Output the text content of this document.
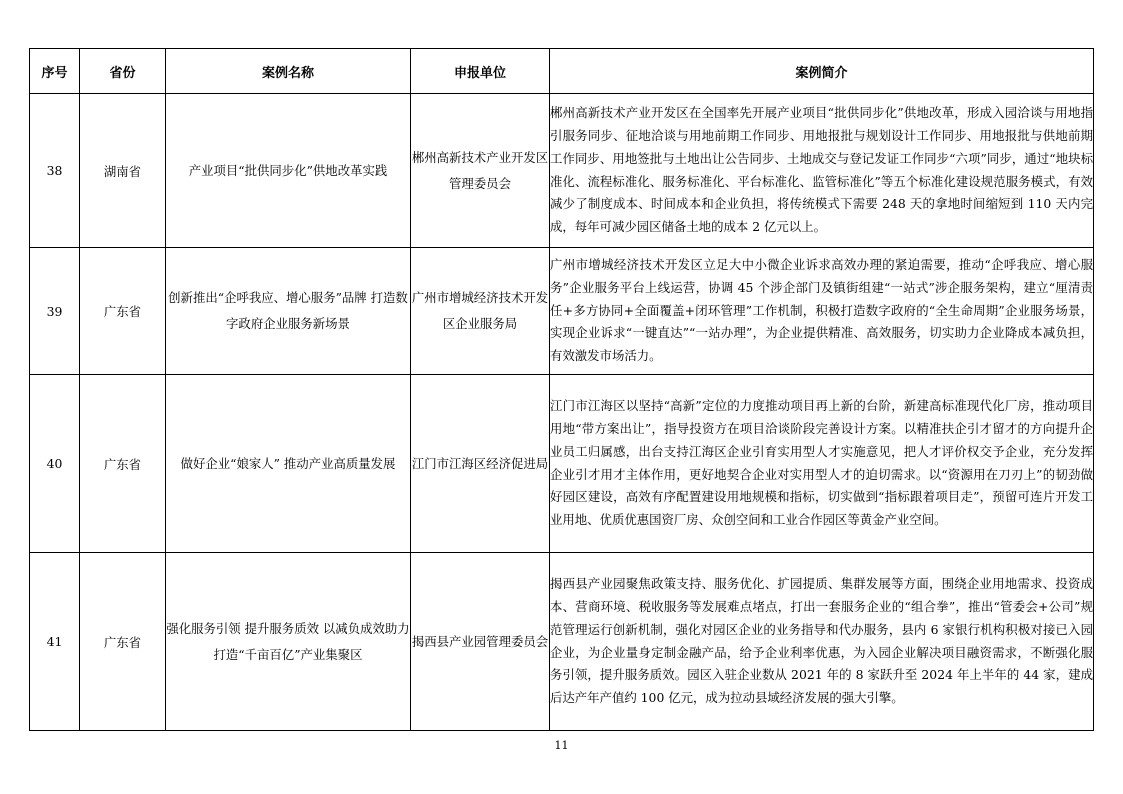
序号	省份	案例名称	申报单位	案例简介
38	湖南省	产业项目“批供同步化”供地改革实践	郴州高新技术产业开发区管理委员会	郴州高新技术产业开发区在全国率先开展产业项目“批供同步化”供地改革，形成入园洽谈与用地指引服务同步、征地洽谈与用地前期工作同步、用地报批与规划设计工作同步、用地报批与供地前期工作同步、用地签批与土地出让公告同步、土地成交与登记发证工作同步“六项”同步，通过“地块标准化、流程标准化、服务标准化、平台标准化、监管标准化”等五个标准化建设规范服务模式，有效减少了制度成本、时间成本和企业负担，将传统模式下需要 248 天的拿地时间缩短到 110 天内完成，每年可减少园区储备土地的成本 2 亿元以上。
39	广东省	创新推出“企呼我应、增心服务”品牌 打造数字政府企业服务新场景	广州市增城经济技术开发区企业服务局	广州市增城经济技术开发区立足大中小微企业诉求高效办理的紧迫需要，推动“企呼我应、增心服务”企业服务平台上线运营，协调 45 个涉企部门及镇街组建“一站式”涉企服务架构，建立“厘清责任+多方协同+全面覆盖+闭环管理”工作机制，积极打造数字政府的“全生命周期”企业服务场景，实现企业诉求“一键直达”“一站办理”，为企业提供精准、高效服务，切实助力企业降成本减负担，有效激发市场活力。
40	广东省	做好企业“娘家人” 推动产业高质量发展	江门市江海区经济促进局	江门市江海区以坚持“高新”定位的力度推动项目再上新的台阶，新建高标准现代化厂房，推动项目用地“带方案出让”，指导投资方在项目洽谈阶段完善设计方案。以精准扶企引才留才的方向提升企业员工归属感，出台支持江海区企业引育实用型人才实施意见，把人才评价权交予企业，充分发挥企业引才用才主体作用，更好地契合企业对实用型人才的迫切需求。以“资源用在刀刃上”的韧劲做好园区建设，高效有序配置建设用地规模和指标，切实做到“指标跟着项目走”，预留可连片开发工业用地、优质优惠国资厂房、众创空间和工业合作园区等黄金产业空间。
41	广东省	强化服务引领 提升服务质效 以减负成效助力打造“千亩百亿”产业集聚区	揭西县产业园管理委员会	揭西县产业园聚焦政策支持、服务优化、扩园提质、集群发展等方面，围绕企业用地需求、投资成本、营商环境、税收服务等发展难点堵点，打出一套服务企业的“组合拳”，推出“管委会+公司”规范管理运行创新机制，强化对园区企业的业务指导和代办服务，县内 6 家银行机构积极对接已入园企业，为企业量身定制金融产品，给予企业利率优惠，为入园企业解决项目融资需求，不断强化服务引领，提升服务质效。园区入驻企业数从 2021 年的 8 家跃升至 2024 年上半年的 44 家，建成后达产年产值约 100 亿元，成为拉动县域经济发展的强大引擎。
11
